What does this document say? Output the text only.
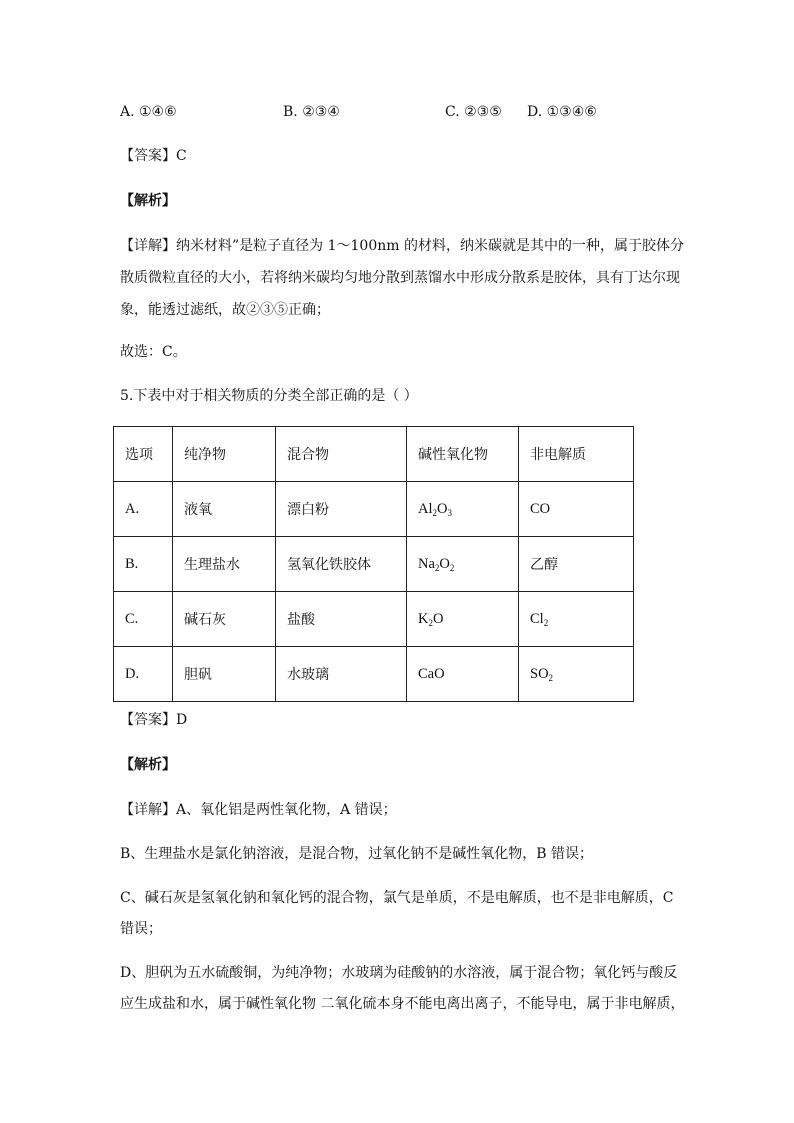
A. ①④⑥	B. ②③④	C. ②③⑤ D. ①③④⑥
【答案】C
【解析】
【详解】纳米材料”是粒子直径为 1～100nm 的材料，纳米碳就是其中的一种，属于胶体分
散质微粒直径的大小，若将纳米碳均匀地分散到蒸馏水中形成分散系是胶体，具有丁达尔现
象，能透过滤纸，故②③⑤正确；
故选：C。
5.下表中对于相关物质的分类全部正确的是（ ）
选项	纯净物	混合物	碱性氧化物	非电解质
A.	液氧	漂白粉	$Al_2O_3$	CO
B.	生理盐水	氢氧化铁胶体	$Na_2O_2$	乙醇
C.	碱石灰	盐酸	$K_2O$	$Cl_2$
D.	胆矾	水玻璃	CaO	$SO_2$
【答案】D
【解析】
【详解】A、氧化铝是两性氧化物，A 错误；
B、生理盐水是氯化钠溶液，是混合物，过氧化钠不是碱性氧化物，B 错误；
C、碱石灰是氢氧化钠和氧化钙的混合物，氯气是单质，不是电解质，也不是非电解质，C
错误；
D、胆矾为五水硫酸铜，为纯净物；水玻璃为硅酸钠的水溶液，属于混合物；氧化钙与酸反
应生成盐和水，属于碱性氧化物 二氧化硫本身不能电离出离子，不能导电，属于非电解质，
